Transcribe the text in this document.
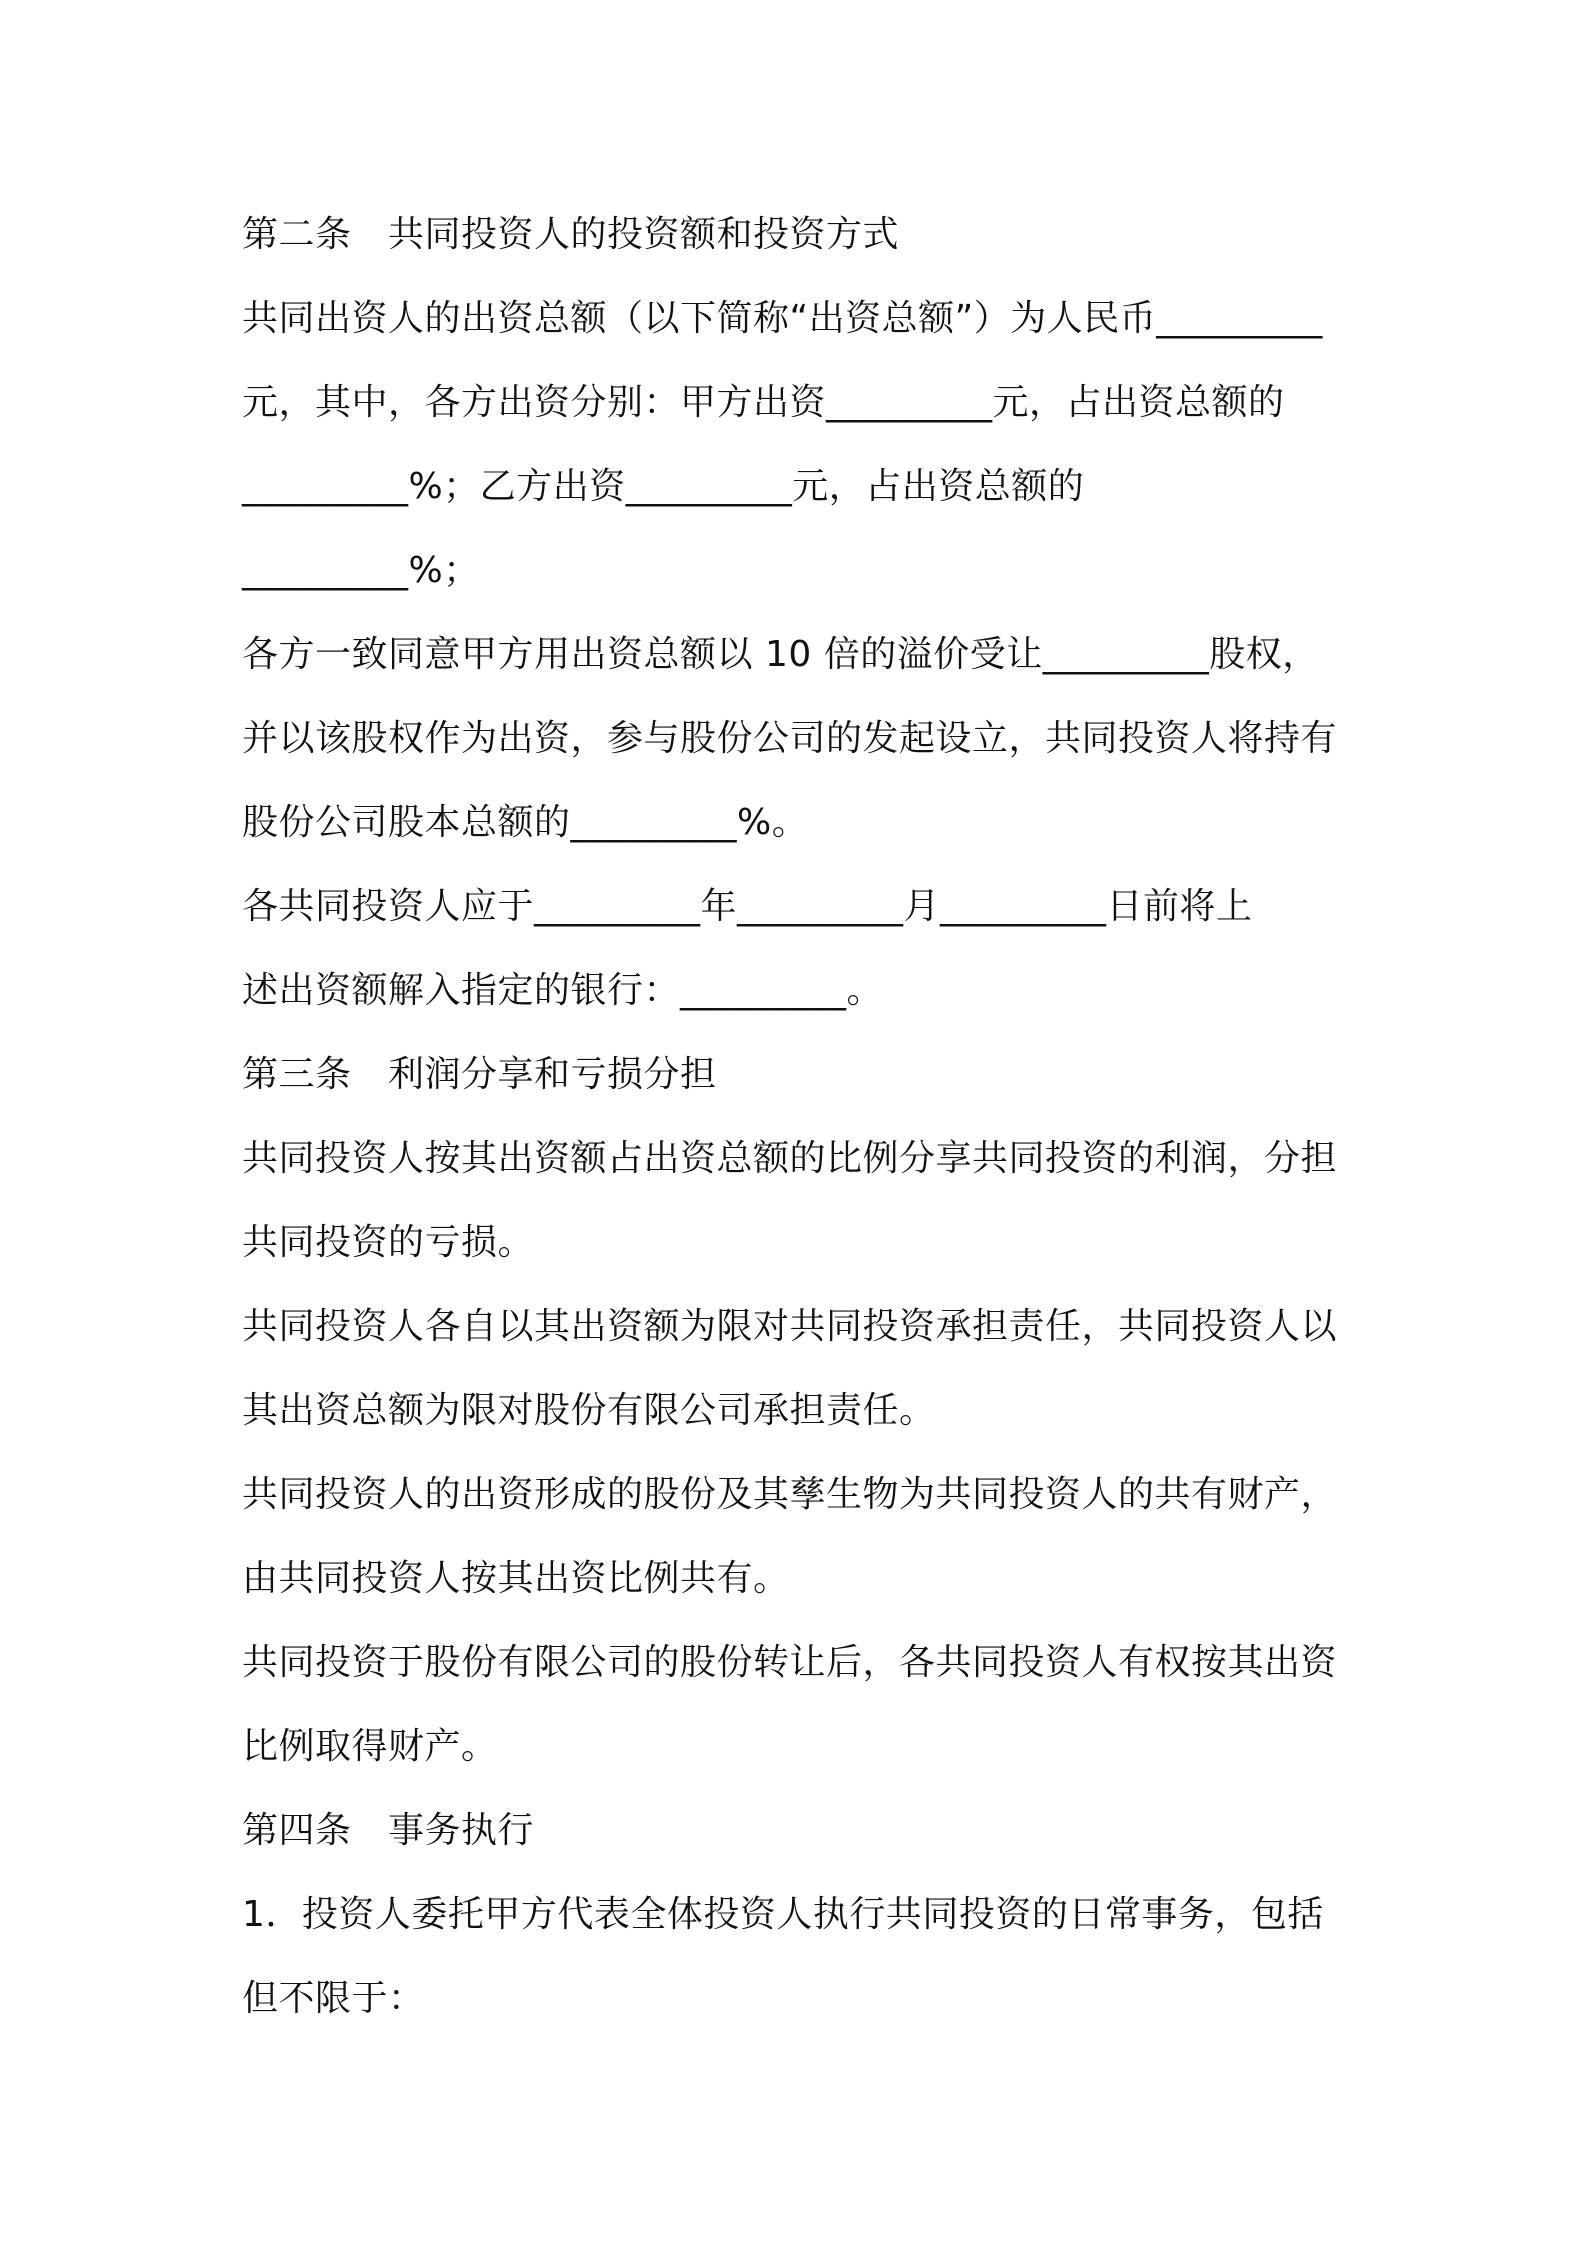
第二条　共同投资人的投资额和投资方式
共同出资人的出资总额（以下简称“出资总额”）为人民币_________
元，其中，各方出资分别：甲方出资_________元，占出资总额的
_________%；乙方出资_________元，占出资总额的
_________%；
各方一致同意甲方用出资总额以 10 倍的溢价受让_________股权，
并以该股权作为出资，参与股份公司的发起设立，共同投资人将持有
股份公司股本总额的_________%。
各共同投资人应于_________年_________月_________日前将上
述出资额解入指定的银行：_________。
第三条　利润分享和亏损分担
共同投资人按其出资额占出资总额的比例分享共同投资的利润，分担
共同投资的亏损。
共同投资人各自以其出资额为限对共同投资承担责任，共同投资人以
其出资总额为限对股份有限公司承担责任。
共同投资人的出资形成的股份及其孳生物为共同投资人的共有财产，
由共同投资人按其出资比例共有。
共同投资于股份有限公司的股份转让后，各共同投资人有权按其出资
比例取得财产。
第四条　事务执行
1．投资人委托甲方代表全体投资人执行共同投资的日常事务，包括
但不限于：
